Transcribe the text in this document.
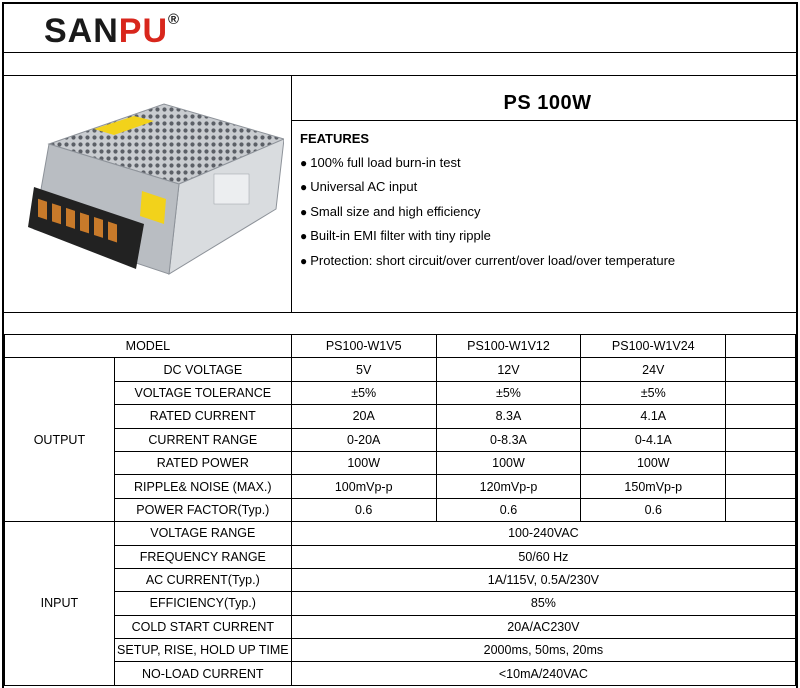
SANPU®
PS 100W
FEATURES
● 100% full load burn-in test
● Universal AC input
● Small size and high efficiency
● Built-in EMI filter with tiny ripple
● Protection: short circuit/over current/over load/over temperature
MODEL		PS100-W1V5	PS100-W1V12	PS100-W1V24	
OUTPUT	DC VOLTAGE	5V	12V	24V	
	VOLTAGE TOLERANCE	±5%	±5%	±5%	
	RATED CURRENT	20A	8.3A	4.1A	
	CURRENT RANGE	0-20A	0-8.3A	0-4.1A	
	RATED POWER	100W	100W	100W	
	RIPPLE& NOISE (MAX.)	100mVp-p	120mVp-p	150mVp-p	
	POWER FACTOR(Typ.)	0.6	0.6	0.6	
INPUT	VOLTAGE RANGE	100-240VAC			
	FREQUENCY RANGE	50/60 Hz			
	AC CURRENT(Typ.)	1A/115V, 0.5A/230V			
	EFFICIENCY(Typ.)	85%			
	COLD START CURRENT	20A/AC230V			
	SETUP, RISE, HOLD UP TIME	2000ms, 50ms, 20ms			
	NO-LOAD CURRENT	<10mA/240VAC			
